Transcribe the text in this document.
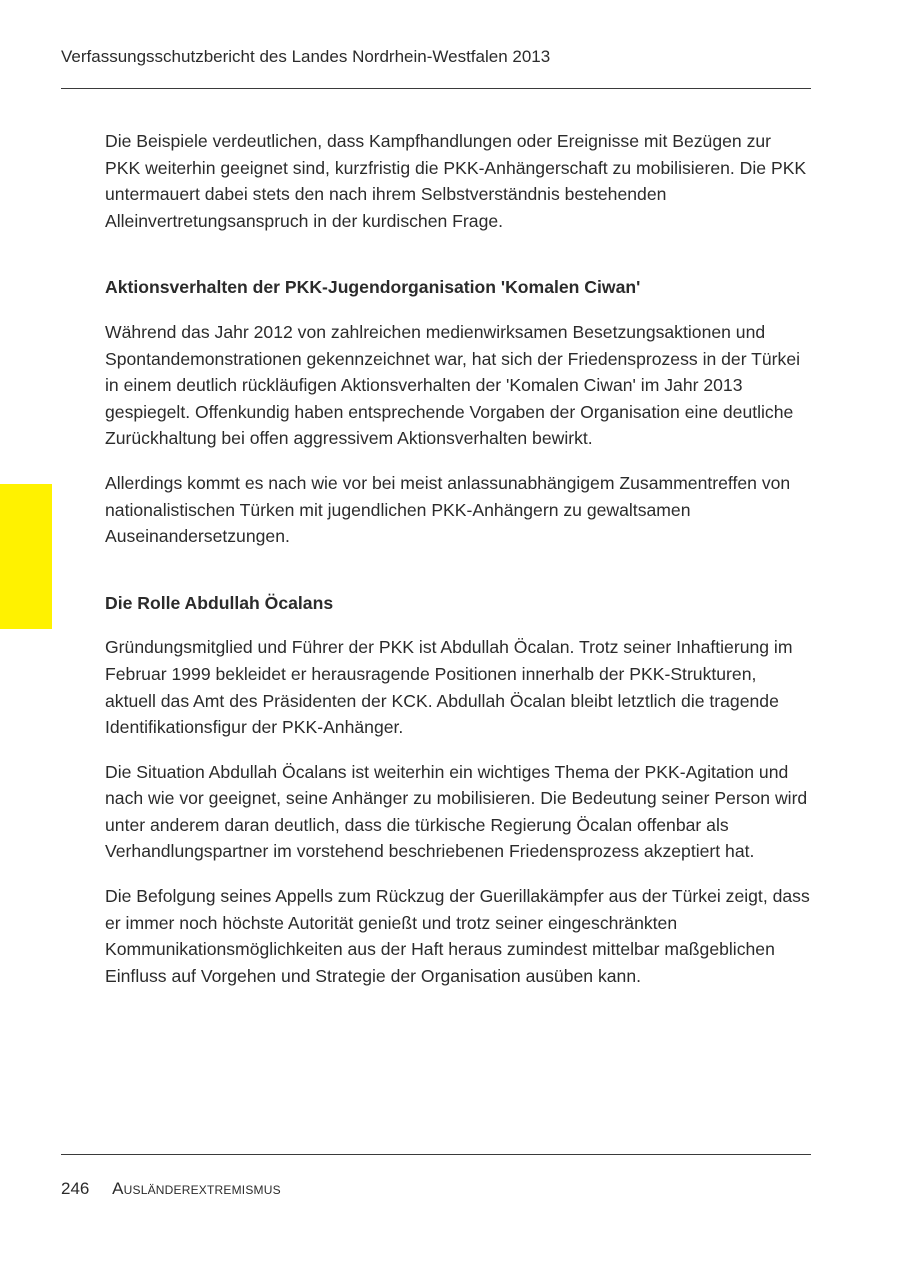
Verfassungsschutzbericht des Landes Nordrhein-Westfalen 2013

Die Beispiele verdeutlichen, dass Kampfhandlungen oder Ereignisse mit Bezügen zur PKK weiterhin geeignet sind, kurzfristig die PKK-Anhängerschaft zu mobilisieren. Die PKK untermauert dabei stets den nach ihrem Selbstverständnis bestehenden Alleinvertretungsanspruch in der kurdischen Frage.

Aktionsverhalten der PKK-Jugendorganisation 'Komalen Ciwan'

Während das Jahr 2012 von zahlreichen medienwirksamen Besetzungsaktionen und Spontandemonstrationen gekennzeichnet war, hat sich der Friedensprozess in der Türkei in einem deutlich rückläufigen Aktionsverhalten der 'Komalen Ciwan' im Jahr 2013 gespiegelt. Offenkundig haben entsprechende Vorgaben der Organisation eine deutliche Zurückhaltung bei offen aggressivem Aktionsverhalten bewirkt.

Allerdings kommt es nach wie vor bei meist anlassunabhängigem Zusammentreffen von nationalistischen Türken mit jugendlichen PKK-Anhängern zu gewaltsamen Auseinandersetzungen.

Die Rolle Abdullah Öcalans

Gründungsmitglied und Führer der PKK ist Abdullah Öcalan. Trotz seiner Inhaftierung im Februar 1999 bekleidet er herausragende Positionen innerhalb der PKK-Strukturen, aktuell das Amt des Präsidenten der KCK. Abdullah Öcalan bleibt letztlich die tragende Identifikationsfigur der PKK-Anhänger.

Die Situation Abdullah Öcalans ist weiterhin ein wichtiges Thema der PKK-Agitation und nach wie vor geeignet, seine Anhänger zu mobilisieren. Die Bedeutung seiner Person wird unter anderem daran deutlich, dass die türkische Regierung Öcalan offenbar als Verhandlungspartner im vorstehend beschriebenen Friedensprozess akzeptiert hat.

Die Befolgung seines Appells zum Rückzug der Guerillakämpfer aus der Türkei zeigt, dass er immer noch höchste Autorität genießt und trotz seiner eingeschränkten Kommunikationsmöglichkeiten aus der Haft heraus zumindest mittelbar maßgeblichen Einfluss auf Vorgehen und Strategie der Organisation ausüben kann.

246 Ausländerextremismus
